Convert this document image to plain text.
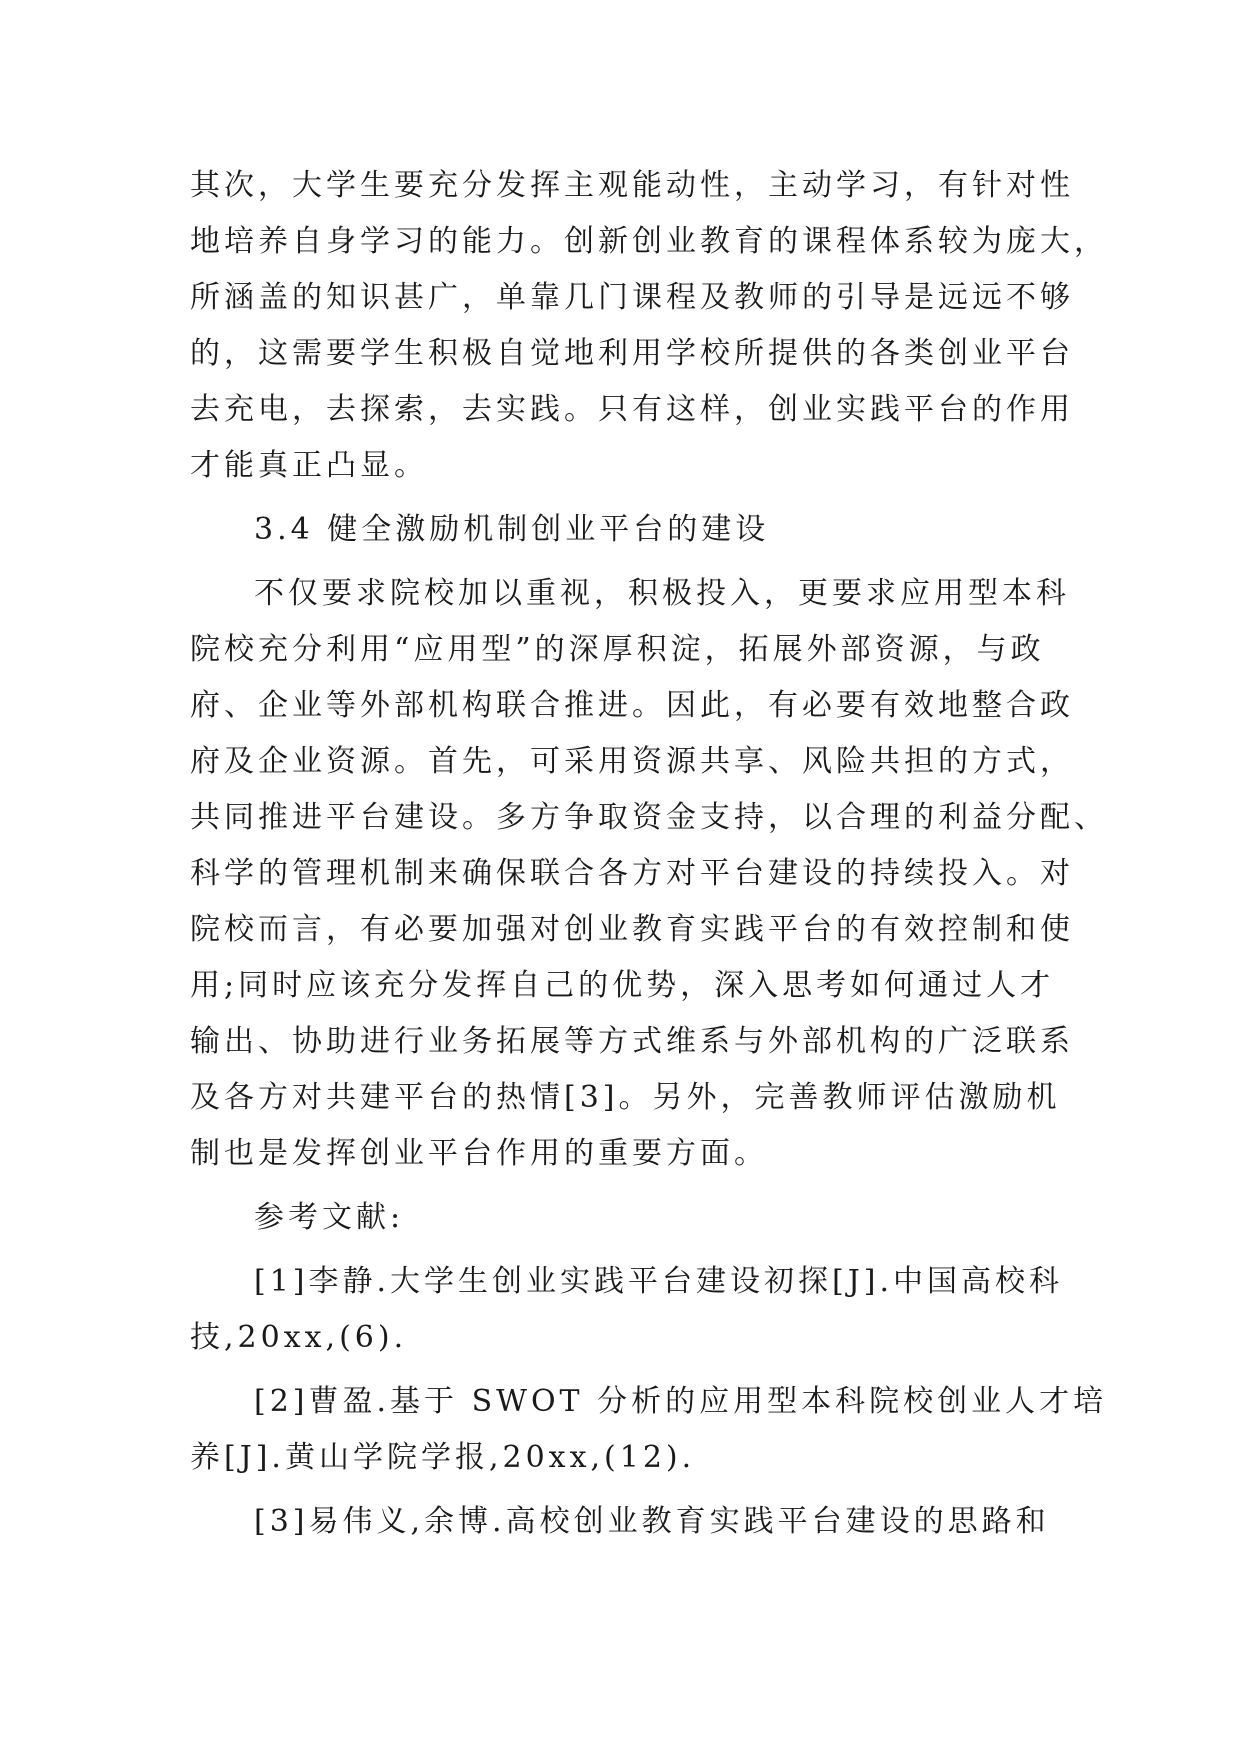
其次，大学生要充分发挥主观能动性，主动学习，有针对性
地培养自身学习的能力。创新创业教育的课程体系较为庞大，
所涵盖的知识甚广，单靠几门课程及教师的引导是远远不够
的，这需要学生积极自觉地利用学校所提供的各类创业平台
去充电，去探索，去实践。只有这样，创业实践平台的作用
才能真正凸显。
3.4 健全激励机制创业平台的建设
不仅要求院校加以重视，积极投入，更要求应用型本科
院校充分利用“应用型”的深厚积淀，拓展外部资源，与政
府、企业等外部机构联合推进。因此，有必要有效地整合政
府及企业资源。首先，可采用资源共享、风险共担的方式，
共同推进平台建设。多方争取资金支持，以合理的利益分配、
科学的管理机制来确保联合各方对平台建设的持续投入。对
院校而言，有必要加强对创业教育实践平台的有效控制和使
用;同时应该充分发挥自己的优势，深入思考如何通过人才
输出、协助进行业务拓展等方式维系与外部机构的广泛联系
及各方对共建平台的热情[3]。另外，完善教师评估激励机
制也是发挥创业平台作用的重要方面。
参考文献:
[1]李静.大学生创业实践平台建设初探[J].中国高校科
技,20xx,(6).
[2]曹盈.基于 SWOT 分析的应用型本科院校创业人才培
养[J].黄山学院学报,20xx,(12).
[3]易伟义,余博.高校创业教育实践平台建设的思路和
